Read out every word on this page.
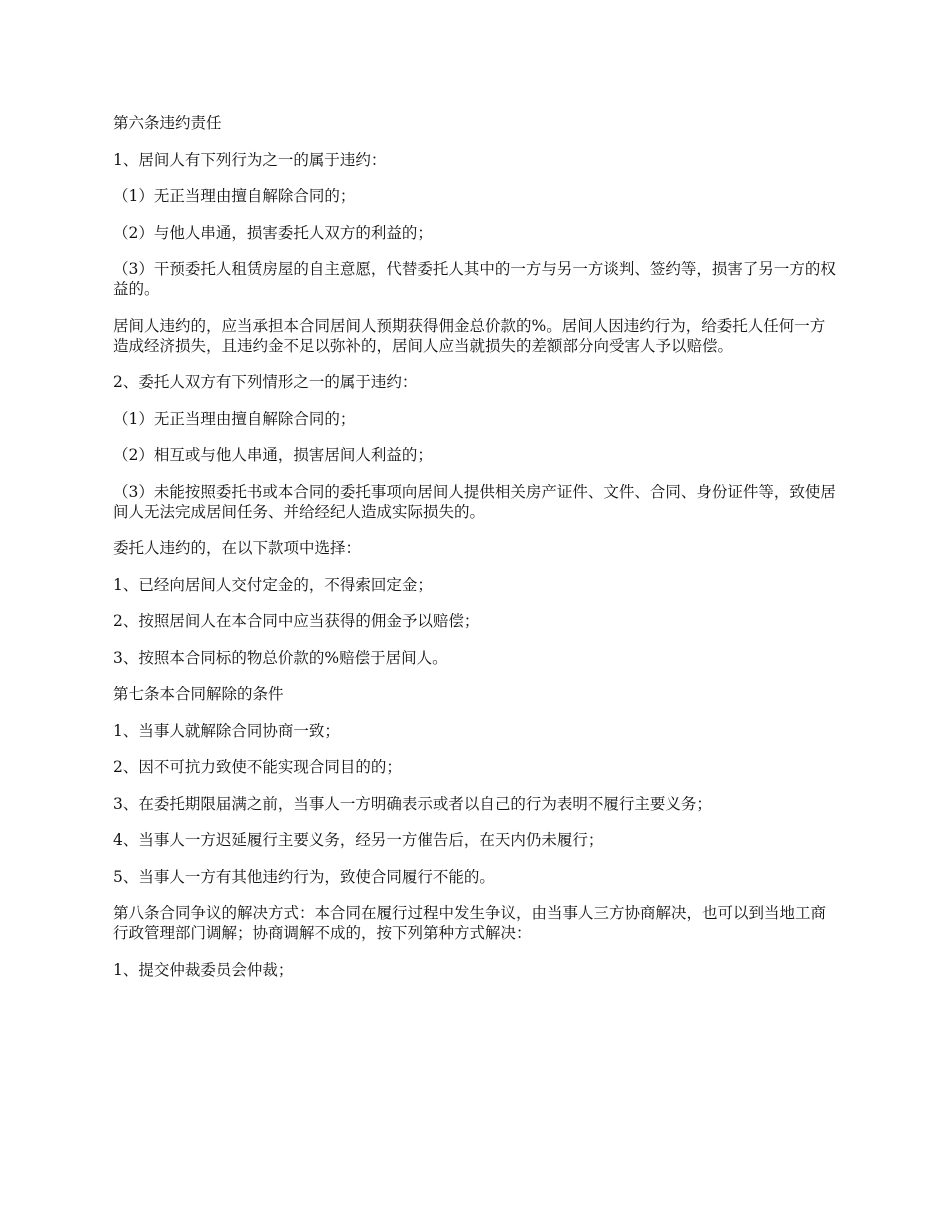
第六条违约责任

1、居间人有下列行为之一的属于违约：

（1）无正当理由擅自解除合同的；

（2）与他人串通，损害委托人双方的利益的；

（3）干预委托人租赁房屋的自主意愿，代替委托人其中的一方与另一方谈判、签约等，损害了另一方的权益的。

居间人违约的，应当承担本合同居间人预期获得佣金总价款的%。居间人因违约行为，给委托人任何一方造成经济损失，且违约金不足以弥补的，居间人应当就损失的差额部分向受害人予以赔偿。

2、委托人双方有下列情形之一的属于违约：

（1）无正当理由擅自解除合同的；

（2）相互或与他人串通，损害居间人利益的；

（3）未能按照委托书或本合同的委托事项向居间人提供相关房产证件、文件、合同、身份证件等，致使居间人无法完成居间任务、并给经纪人造成实际损失的。

委托人违约的，在以下款项中选择：

1、已经向居间人交付定金的，不得索回定金；

2、按照居间人在本合同中应当获得的佣金予以赔偿；

3、按照本合同标的物总价款的%赔偿于居间人。

第七条本合同解除的条件

1、当事人就解除合同协商一致；

2、因不可抗力致使不能实现合同目的的；

3、在委托期限届满之前，当事人一方明确表示或者以自己的行为表明不履行主要义务；

4、当事人一方迟延履行主要义务，经另一方催告后，在天内仍未履行；

5、当事人一方有其他违约行为，致使合同履行不能的。

第八条合同争议的解决方式：本合同在履行过程中发生争议，由当事人三方协商解决，也可以到当地工商行政管理部门调解；协商调解不成的，按下列第种方式解决：

1、提交仲裁委员会仲裁；
